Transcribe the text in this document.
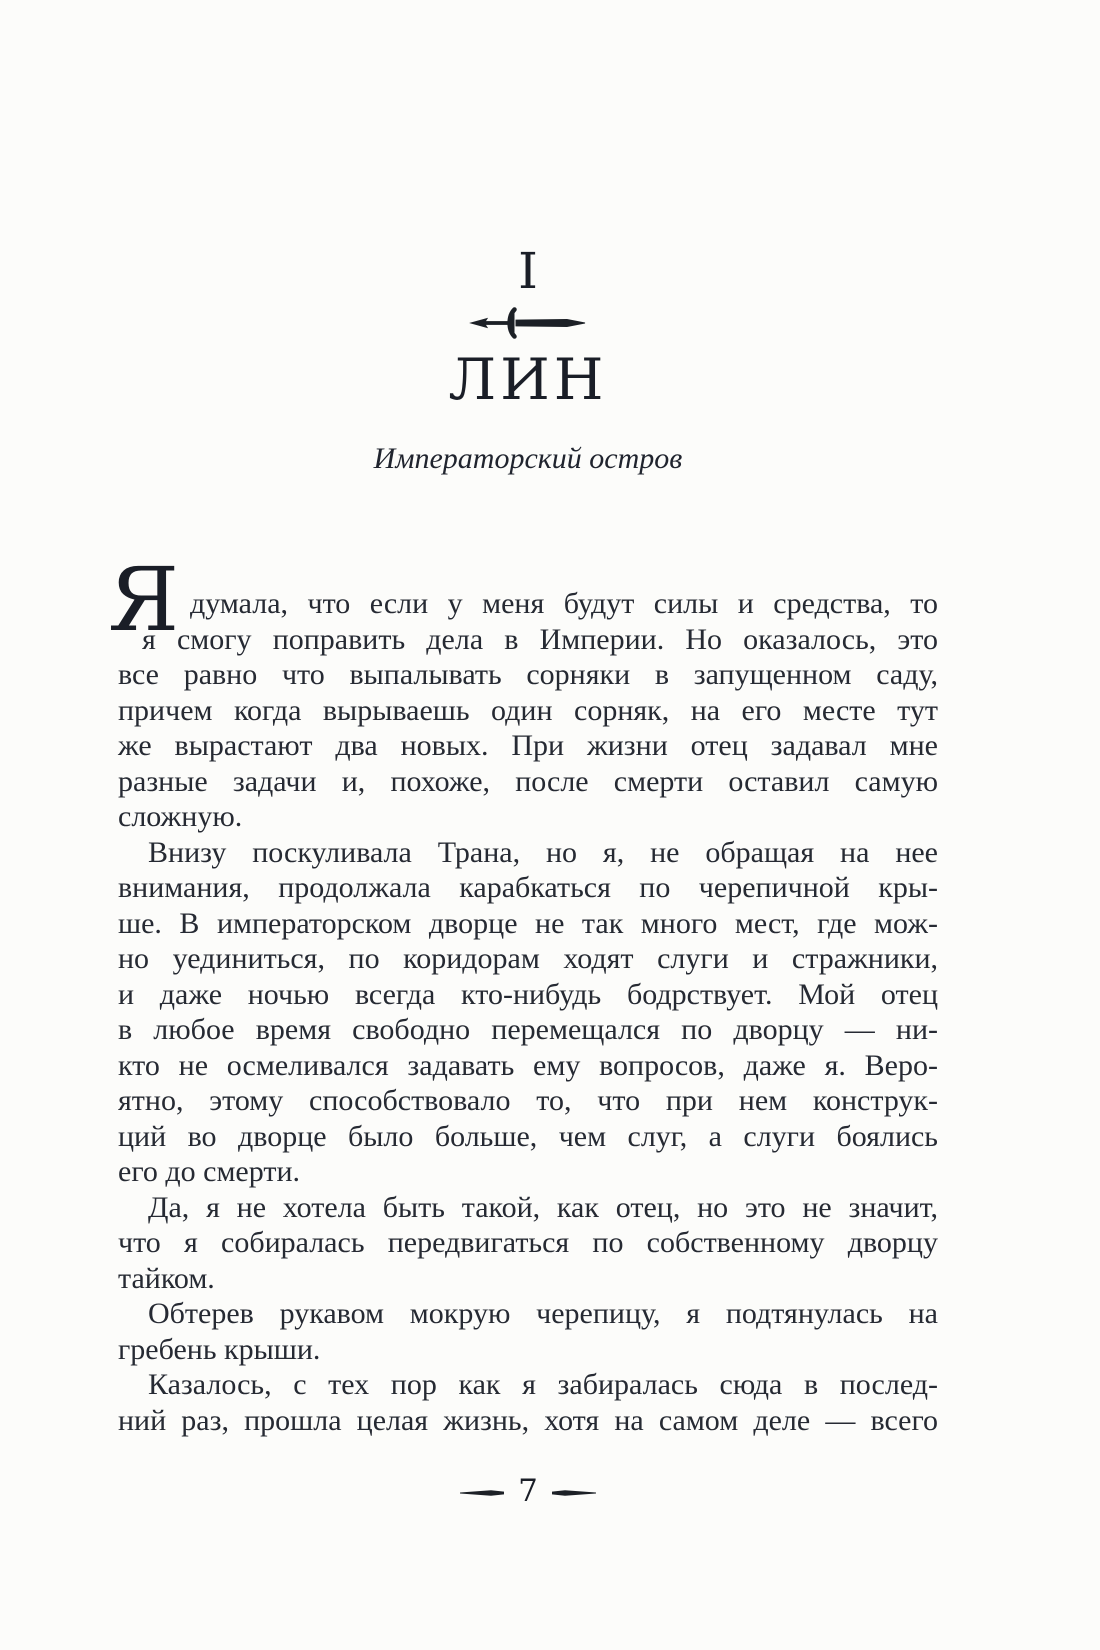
I
ЛИН
Императорский остров
Я думала, что если у меня будут силы и средства, то
я смогу поправить дела в Империи. Но оказалось, это
все равно что выпалывать сорняки в запущенном саду,
причем когда вырываешь один сорняк, на его месте тут
же вырастают два новых. При жизни отец задавал мне
разные задачи и, похоже, после смерти оставил самую
сложную.
Внизу поскуливала Трана, но я, не обращая на нее
внимания, продолжала карабкаться по черепичной кры-
ше. В императорском дворце не так много мест, где мож-
но уединиться, по коридорам ходят слуги и стражники,
и даже ночью всегда кто-нибудь бодрствует. Мой отец
в любое время свободно перемещался по дворцу — ни-
кто не осмеливался задавать ему вопросов, даже я. Веро-
ятно, этому способствовало то, что при нем конструк-
ций во дворце было больше, чем слуг, а слуги боялись
его до смерти.
Да, я не хотела быть такой, как отец, но это не значит,
что я собиралась передвигаться по собственному дворцу
тайком.
Обтерев рукавом мокрую черепицу, я подтянулась на
гребень крыши.
Казалось, с тех пор как я забиралась сюда в послед-
ний раз, прошла целая жизнь, хотя на самом деле — всего
7
